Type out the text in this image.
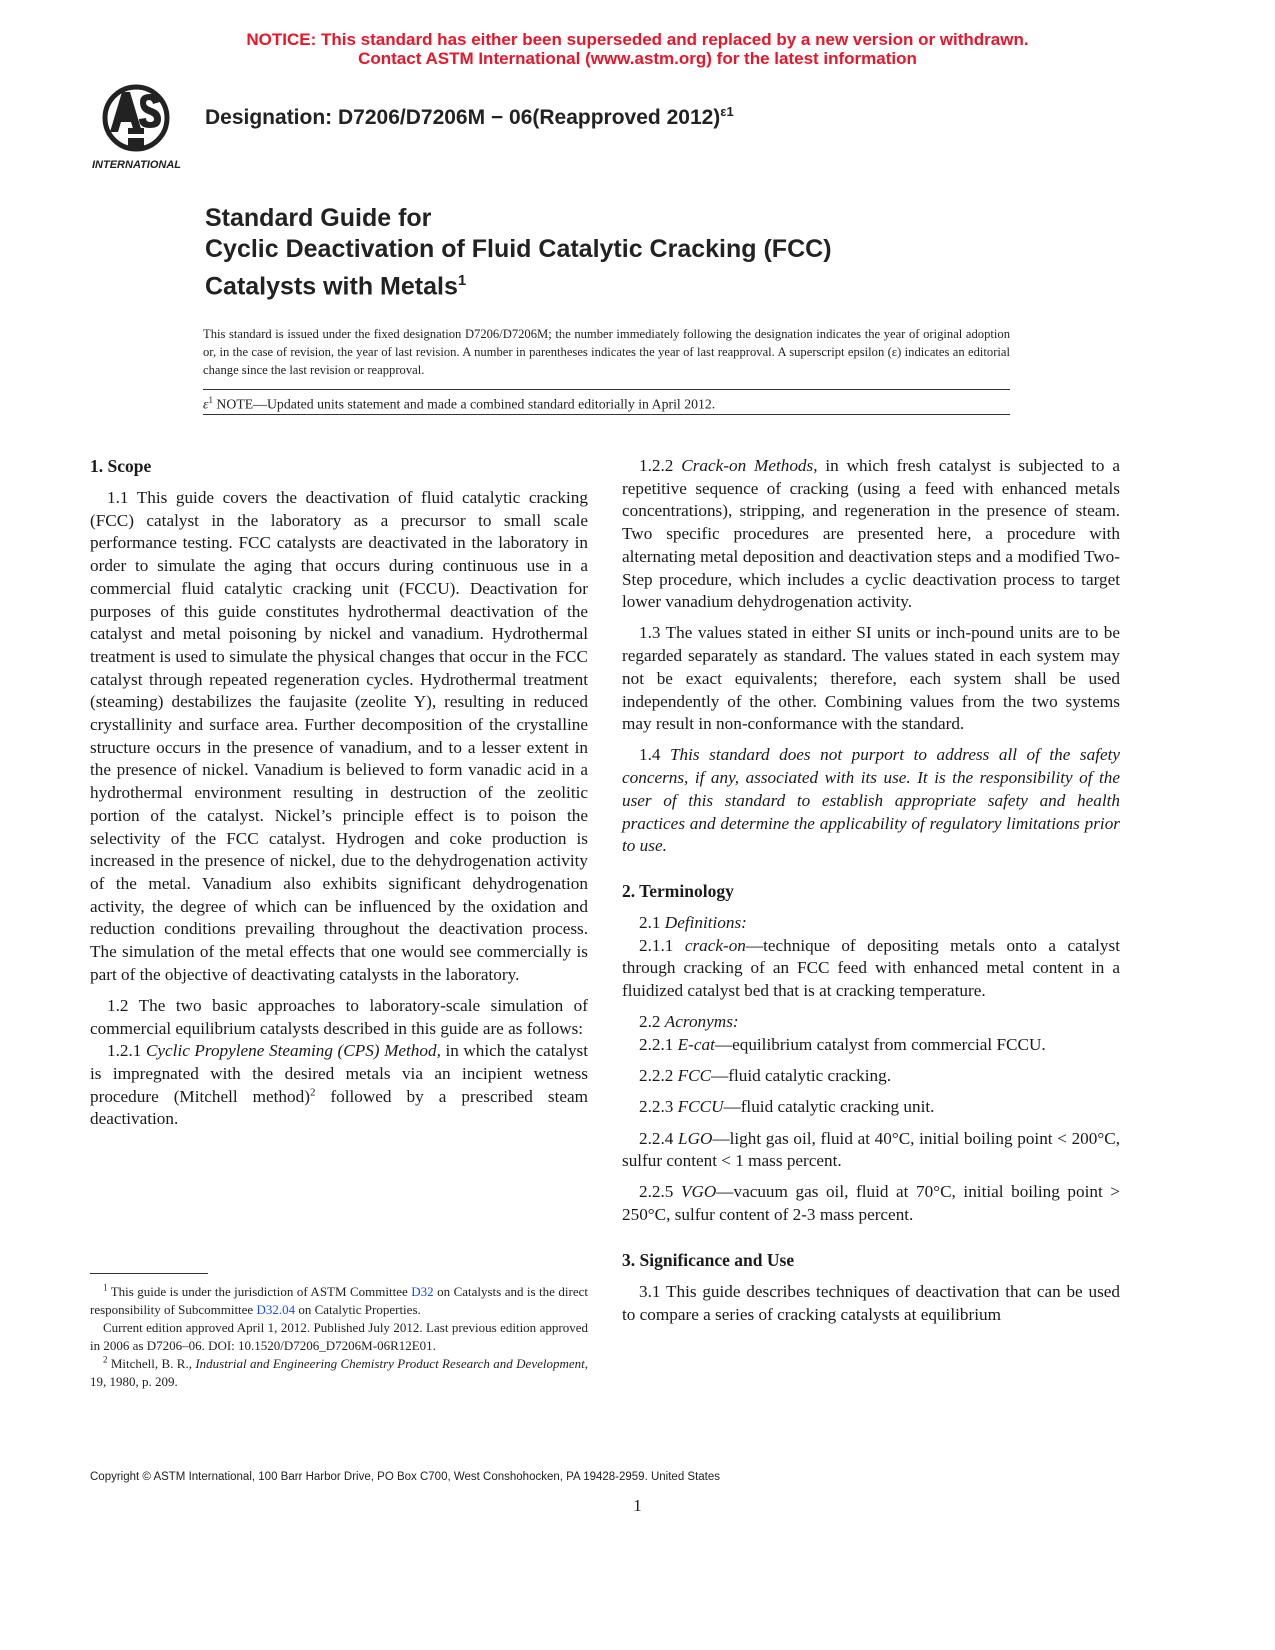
NOTICE: This standard has either been superseded and replaced by a new version or withdrawn.
Contact ASTM International (www.astm.org) for the latest information
INTERNATIONAL
Designation: D7206/D7206M − 06(Reapproved 2012)$^{\varepsilon 1}$
Standard Guide for
Cyclic Deactivation of Fluid Catalytic Cracking (FCC)
Catalysts with Metals$^1$
This standard is issued under the fixed designation D7206/D7206M; the number immediately following the designation indicates the year of original adoption or, in the case of revision, the year of last revision. A number in parentheses indicates the year of last reapproval. A superscript epsilon (ε) indicates an editorial change since the last revision or reapproval.
$\varepsilon^1$ NOTE—Updated units statement and made a combined standard editorially in April 2012.
1. Scope

1.1 This guide covers the deactivation of fluid catalytic cracking (FCC) catalyst in the laboratory as a precursor to small scale performance testing. FCC catalysts are deactivated in the laboratory in order to simulate the aging that occurs during continuous use in a commercial fluid catalytic cracking unit (FCCU). Deactivation for purposes of this guide constitutes hydrothermal deactivation of the catalyst and metal poisoning by nickel and vanadium. Hydrothermal treatment is used to simulate the physical changes that occur in the FCC catalyst through repeated regeneration cycles. Hydrothermal treatment (steaming) destabilizes the faujasite (zeolite Y), resulting in reduced crystallinity and surface area. Further decomposition of the crystalline structure occurs in the presence of vanadium, and to a lesser extent in the presence of nickel. Vanadium is believed to form vanadic acid in a hydrothermal environment resulting in destruction of the zeolitic portion of the catalyst. Nickel’s principle effect is to poison the selectivity of the FCC catalyst. Hydrogen and coke production is increased in the presence of nickel, due to the dehydrogenation activity of the metal. Vanadium also exhibits significant dehydrogenation activity, the degree of which can be influenced by the oxidation and reduction conditions prevailing throughout the deactivation process. The simulation of the metal effects that one would see commercially is part of the objective of deactivating catalysts in the laboratory.

1.2 The two basic approaches to laboratory-scale simulation of commercial equilibrium catalysts described in this guide are as follows:

1.2.1 Cyclic Propylene Steaming (CPS) Method, in which the catalyst is impregnated with the desired metals via an incipient wetness procedure (Mitchell method)$^2$ followed by a prescribed steam deactivation.

$^1$ This guide is under the jurisdiction of ASTM Committee D32 on Catalysts and is the direct responsibility of Subcommittee D32.04 on Catalytic Properties.

Current edition approved April 1, 2012. Published July 2012. Last previous edition approved in 2006 as D7206–06. DOI: 10.1520/D7206_D7206M-06R12E01.

$^2$ Mitchell, B. R., Industrial and Engineering Chemistry Product Research and Development, 19, 1980, p. 209.

1.2.2 Crack-on Methods, in which fresh catalyst is subjected to a repetitive sequence of cracking (using a feed with enhanced metals concentrations), stripping, and regeneration in the presence of steam. Two specific procedures are presented here, a procedure with alternating metal deposition and deactivation steps and a modified Two-Step procedure, which includes a cyclic deactivation process to target lower vanadium dehydrogenation activity.

1.3 The values stated in either SI units or inch-pound units are to be regarded separately as standard. The values stated in each system may not be exact equivalents; therefore, each system shall be used independently of the other. Combining values from the two systems may result in non-conformance with the standard.

1.4 This standard does not purport to address all of the safety concerns, if any, associated with its use. It is the responsibility of the user of this standard to establish appropriate safety and health practices and determine the applicability of regulatory limitations prior to use.

2. Terminology

2.1 Definitions:

2.1.1 crack-on—technique of depositing metals onto a catalyst through cracking of an FCC feed with enhanced metal content in a fluidized catalyst bed that is at cracking temperature.

2.2 Acronyms:

2.2.1 E-cat—equilibrium catalyst from commercial FCCU.

2.2.2 FCC—fluid catalytic cracking.

2.2.3 FCCU—fluid catalytic cracking unit.

2.2.4 LGO—light gas oil, fluid at 40°C, initial boiling point < 200°C, sulfur content < 1 mass percent.

2.2.5 VGO—vacuum gas oil, fluid at 70°C, initial boiling point > 250°C, sulfur content of 2-3 mass percent.

3. Significance and Use

3.1 This guide describes techniques of deactivation that can be used to compare a series of cracking catalysts at equilibrium

Copyright © ASTM International, 100 Barr Harbor Drive, PO Box C700, West Conshohocken, PA 19428-2959. United States
1
